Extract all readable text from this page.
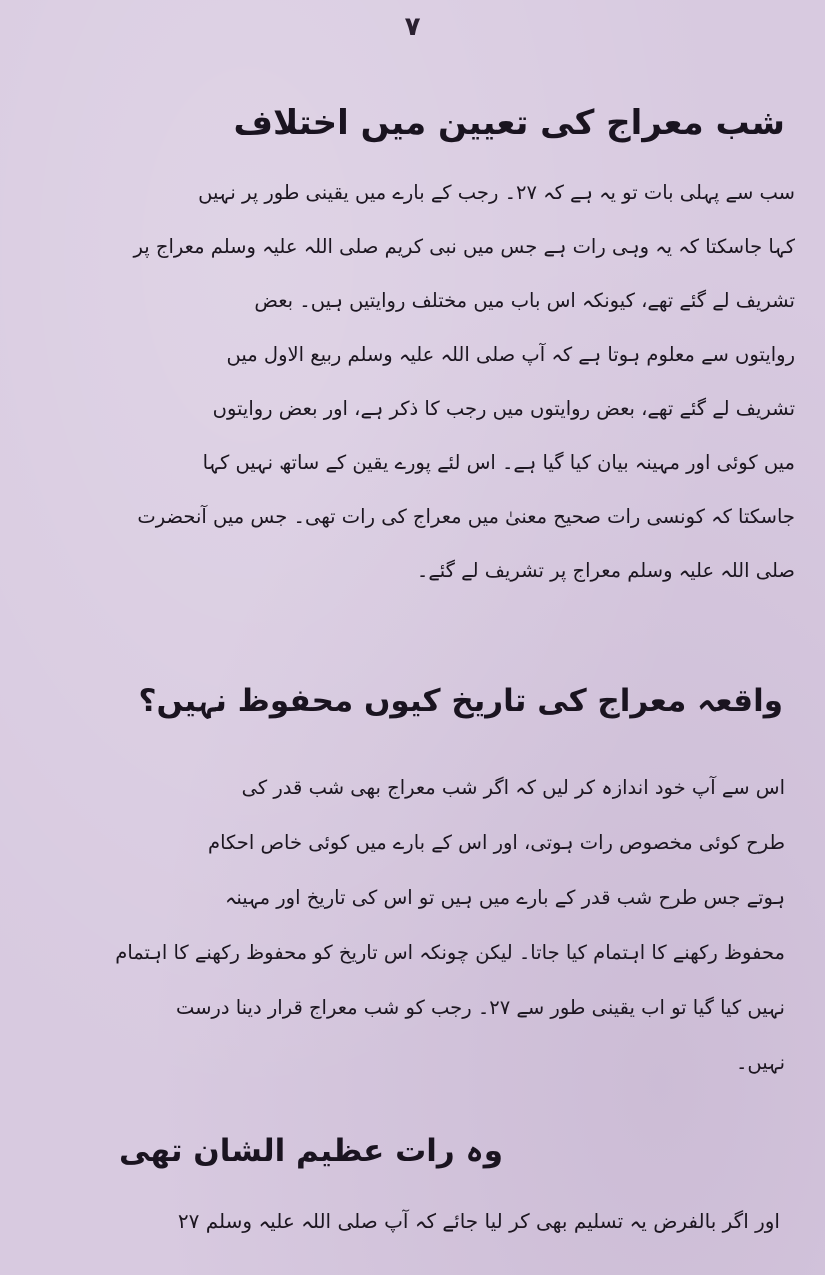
۷
شب معراج کی تعیین میں اختلاف
سب سے پہلی بات تو یہ ہے کہ ۲۷۔ رجب کے بارے میں یقینی طور پر نہیں
کہا جاسکتا کہ یہ وہی رات ہے جس میں نبی کریم صلی اللہ علیہ وسلم معراج پر
تشریف لے گئے تھے، کیونکہ اس باب میں مختلف روایتیں ہیں۔ بعض
روایتوں سے معلوم ہوتا ہے کہ آپ صلی اللہ علیہ وسلم ربیع الاول میں
تشریف لے گئے تھے، بعض روایتوں میں رجب کا ذکر ہے، اور بعض روایتوں
میں کوئی اور مہینہ بیان کیا گیا ہے۔ اس لئے پورے یقین کے ساتھ نہیں کہا
جاسکتا کہ کونسی رات صحیح معنیٰ میں معراج کی رات تھی۔ جس میں آنحضرت
صلی اللہ علیہ وسلم معراج پر تشریف لے گئے۔
واقعہ معراج کی تاریخ کیوں محفوظ نہیں؟
اس سے آپ خود اندازہ کر لیں کہ اگر شب معراج بھی شب قدر کی
طرح کوئی مخصوص رات ہوتی، اور اس کے بارے میں کوئی خاص احکام
ہوتے جس طرح شب قدر کے بارے میں ہیں تو اس کی تاریخ اور مہینہ
محفوظ رکھنے کا اہتمام کیا جاتا۔ لیکن چونکہ اس تاریخ کو محفوظ رکھنے کا اہتمام
نہیں کیا گیا تو اب یقینی طور سے ۲۷۔ رجب کو شب معراج قرار دینا درست
نہیں۔
وہ رات عظیم الشان تھی
اور اگر بالفرض یہ تسلیم بھی کر لیا جائے کہ آپ صلی اللہ علیہ وسلم ۲۷
